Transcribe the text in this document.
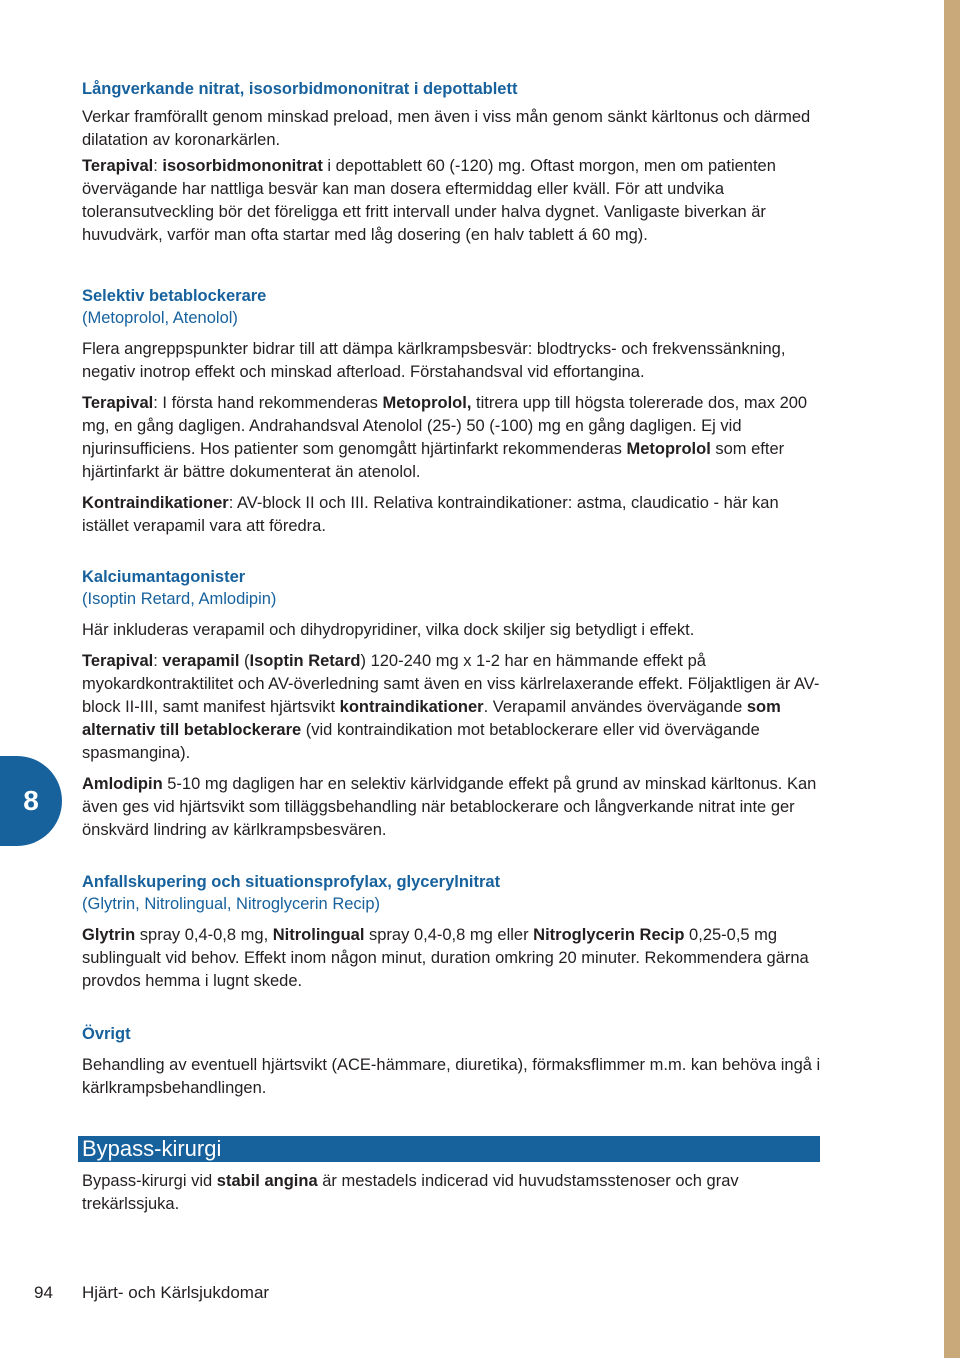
8
Långverkande nitrat, isosorbidmononitrat i depottablett

Verkar framförallt genom minskad preload, men även i viss mån genom sänkt kärltonus och därmed dilatation av koronarkärlen.

Terapival: isosorbidmononitrat i depottablett 60 (-120) mg. Oftast morgon, men om patienten övervägande har nattliga besvär kan man dosera eftermiddag eller kväll. För att undvika toleransutveckling bör det föreligga ett fritt intervall under halva dygnet. Vanligaste biverkan är huvudvärk, varför man ofta startar med låg dosering (en halv tablett á 60 mg).

Selektiv betablockerare
(Metoprolol, Atenolol)

Flera angreppspunkter bidrar till att dämpa kärlkrampsbesvär: blodtrycks- och frekvenssänkning, negativ inotrop effekt och minskad afterload. Förstahandsval vid effortangina.

Terapival: I första hand rekommenderas Metoprolol, titrera upp till högsta tolererade dos, max 200 mg, en gång dagligen. Andrahandsval Atenolol (25-) 50 (-100) mg en gång dagligen. Ej vid njurinsufficiens. Hos patienter som genomgått hjärtinfarkt rekommenderas Metoprolol som efter hjärtinfarkt är bättre dokumenterat än atenolol.

Kontraindikationer: AV-block II och III. Relativa kontraindikationer: astma, claudicatio - här kan istället verapamil vara att föredra.

Kalciumantagonister
(Isoptin Retard, Amlodipin)

Här inkluderas verapamil och dihydropyridiner, vilka dock skiljer sig betydligt i effekt.

Terapival: verapamil (Isoptin Retard) 120-240 mg x 1-2 har en hämmande effekt på myokardkontraktilitet och AV-överledning samt även en viss kärlrelaxerande effekt. Följaktligen är AV-block II-III, samt manifest hjärtsvikt kontraindikationer. Verapamil användes övervägande som alternativ till betablockerare (vid kontraindikation mot betablockerare eller vid övervägande spasmangina).

Amlodipin 5-10 mg dagligen har en selektiv kärlvidgande effekt på grund av minskad kärltonus. Kan även ges vid hjärtsvikt som tilläggsbehandling när betablockerare och långverkande nitrat inte ger önskvärd lindring av kärlkrampsbesvären.

Anfallskupering och situationsprofylax, glycerylnitrat
(Glytrin, Nitrolingual, Nitroglycerin Recip)

Glytrin spray 0,4-0,8 mg, Nitrolingual spray 0,4-0,8 mg eller Nitroglycerin Recip 0,25-0,5 mg sublingualt vid behov. Effekt inom någon minut, duration omkring 20 minuter. Rekommendera gärna provdos hemma i lugnt skede.

Övrigt

Behandling av eventuell hjärtsvikt (ACE-hämmare, diuretika), förmaksflimmer m.m. kan behöva ingå i kärlkrampsbehandlingen.

Bypass-kirurgi vid stabil angina är mestadels indicerad vid huvudstamsstenoser och grav trekärlssjuka.

Bypass-kirurgi
94 Hjärt- och Kärlsjukdomar
